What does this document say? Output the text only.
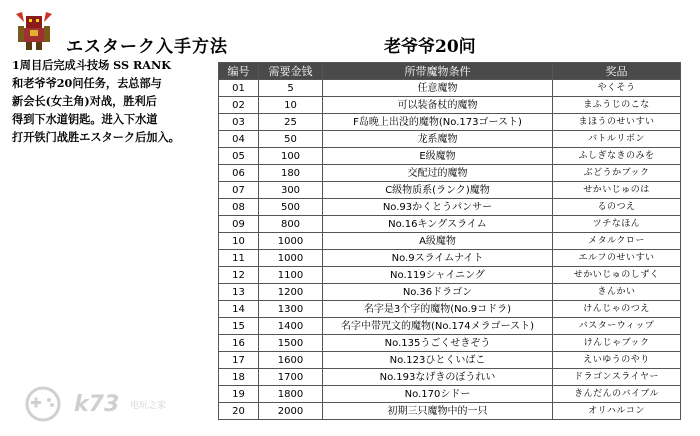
エスターク入手方法	老爷爷20问
1周目后完成斗技场 SS RANK
和老爷爷20问任务，去总部与
新会长(女主角)对战，胜利后
得到下水道钥匙。进入下水道
打开铁门战胜エスターク后加入。
编号	需要金钱	所带魔物条件	奖品
01	5	任意魔物	やくそう
02	10	可以装备杖的魔物	まふうじのこな
03	25	F岛晚上出没的魔物(No.173ゴースト)	まほうのせいすい
04	50	龙系魔物	バトルリボン
05	100	E级魔物	ふしぎなきのみを
06	180	交配过的魔物	ぶどうかブック
07	300	C级物质系(ランク)魔物	せかいじゅのは
08	500	No.93かくとうパンサー	るのつえ
09	800	No.16キングスライム	ツチなほん
10	1000	A级魔物	メタルクロー
11	1000	No.9スライムナイト	エルフのせいすい
12	1100	No.119シャイニング	せかいじゅのしずく
13	1200	No.36ドラゴン	きんかい
14	1300	名字是3个字的魔物(No.9コドラ)	けんじゃのつえ
15	1400	名字中带咒文的魔物(No.174メラゴースト)	バスターウィップ
16	1500	No.135うごくせきぞう	けんじゃブック
17	1600	No.123ひとくいばこ	えいゆうのやり
18	1700	No.193なげきのぼうれい	ドラゴンスライヤー
19	1800	No.170シドー	きんだんのバイブル
20	2000	初期三只魔物中的一只	オリハルコン
k73 电玩之家
